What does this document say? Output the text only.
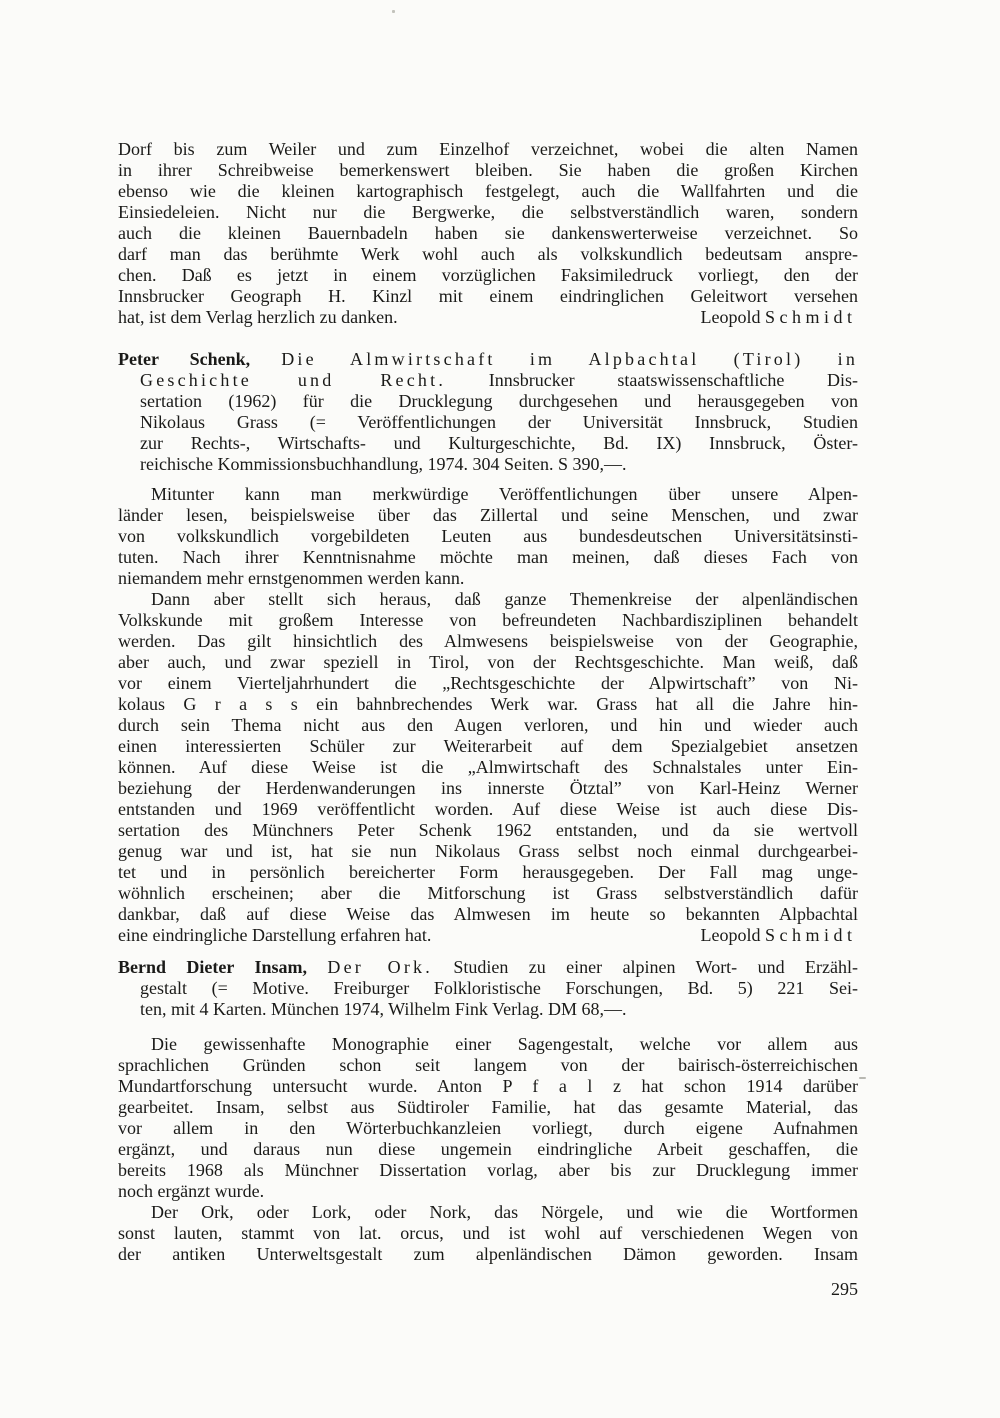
Dorf bis zum Weiler und zum Einzelhof verzeichnet, wobei die alten Namen
in ihrer Schreibweise bemerkenswert bleiben. Sie haben die großen Kirchen
ebenso wie die kleinen kartographisch festgelegt, auch die Wallfahrten und die
Einsiedeleien. Nicht nur die Bergwerke, die selbstverständlich waren, sondern
auch die kleinen Bauernbadeln haben sie dankenswerterweise verzeichnet. So
darf man das berühmte Werk wohl auch als volkskundlich bedeutsam anspre-
chen. Daß es jetzt in einem vorzüglichen Faksimiledruck vorliegt, den der
Innsbrucker Geograph H. Kinzl mit einem eindringlichen Geleitwort versehen
hat, ist dem Verlag herzlich zu danken.	Leopold S c h m i d t
Peter Schenk, Die Almwirtschaft im Alpbachtal (Tirol) in
Geschichte und Recht. Innsbrucker staatswissenschaftliche Dis-
sertation (1962) für die Drucklegung durchgesehen und herausgegeben von
Nikolaus Grass (= Veröffentlichungen der Universität Innsbruck, Studien
zur Rechts-, Wirtschafts- und Kulturgeschichte, Bd. IX) Innsbruck, Öster-
reichische Kommissionsbuchhandlung, 1974. 304 Seiten. S 390,—.
Mitunter kann man merkwürdige Veröffentlichungen über unsere Alpen-
länder lesen, beispielsweise über das Zillertal und seine Menschen, und zwar
von volkskundlich vorgebildeten Leuten aus bundesdeutschen Universitätsinsti-
tuten. Nach ihrer Kenntnisnahme möchte man meinen, daß dieses Fach von
niemandem mehr ernstgenommen werden kann.
Dann aber stellt sich heraus, daß ganze Themenkreise der alpenländischen
Volkskunde mit großem Interesse von befreundeten Nachbardisziplinen behandelt
werden. Das gilt hinsichtlich des Almwesens beispielsweise von der Geographie,
aber auch, und zwar speziell in Tirol, von der Rechtsgeschichte. Man weiß, daß
vor einem Vierteljahrhundert die „Rechtsgeschichte der Alpwirtschaft” von Ni-
kolaus G r a s s ein bahnbrechendes Werk war. Grass hat all die Jahre hin-
durch sein Thema nicht aus den Augen verloren, und hin und wieder auch
einen interessierten Schüler zur Weiterarbeit auf dem Spezialgebiet ansetzen
können. Auf diese Weise ist die „Almwirtschaft des Schnalstales unter Ein-
beziehung der Herdenwanderungen ins innerste Ötztal” von Karl-Heinz Werner
entstanden und 1969 veröffentlicht worden. Auf diese Weise ist auch diese Dis-
sertation des Münchners Peter Schenk 1962 entstanden, und da sie wertvoll
genug war und ist, hat sie nun Nikolaus Grass selbst noch einmal durchgearbei-
tet und in persönlich bereicherter Form herausgegeben. Der Fall mag unge-
wöhnlich erscheinen; aber die Mitforschung ist Grass selbstverständlich dafür
dankbar, daß auf diese Weise das Almwesen im heute so bekannten Alpbachtal
eine eindringliche Darstellung erfahren hat.	Leopold S c h m i d t
Bernd Dieter Insam, Der Ork. Studien zu einer alpinen Wort- und Erzähl-
gestalt (= Motive. Freiburger Folkloristische Forschungen, Bd. 5) 221 Sei-
ten, mit 4 Karten. München 1974, Wilhelm Fink Verlag. DM 68,—.
Die gewissenhafte Monographie einer Sagengestalt, welche vor allem aus
sprachlichen Gründen schon seit langem von der bairisch-österreichischen
Mundartforschung untersucht wurde. Anton P f a l z hat schon 1914 darüber
gearbeitet. Insam, selbst aus Südtiroler Familie, hat das gesamte Material, das
vor allem in den Wörterbuchkanzleien vorliegt, durch eigene Aufnahmen
ergänzt, und daraus nun diese ungemein eindringliche Arbeit geschaffen, die
bereits 1968 als Münchner Dissertation vorlag, aber bis zur Drucklegung immer
noch ergänzt wurde.
Der Ork, oder Lork, oder Nork, das Nörgele, und wie die Wortformen
sonst lauten, stammt von lat. orcus, und ist wohl auf verschiedenen Wegen von
der antiken Unterweltsgestalt zum alpenländischen Dämon geworden. Insam
295
